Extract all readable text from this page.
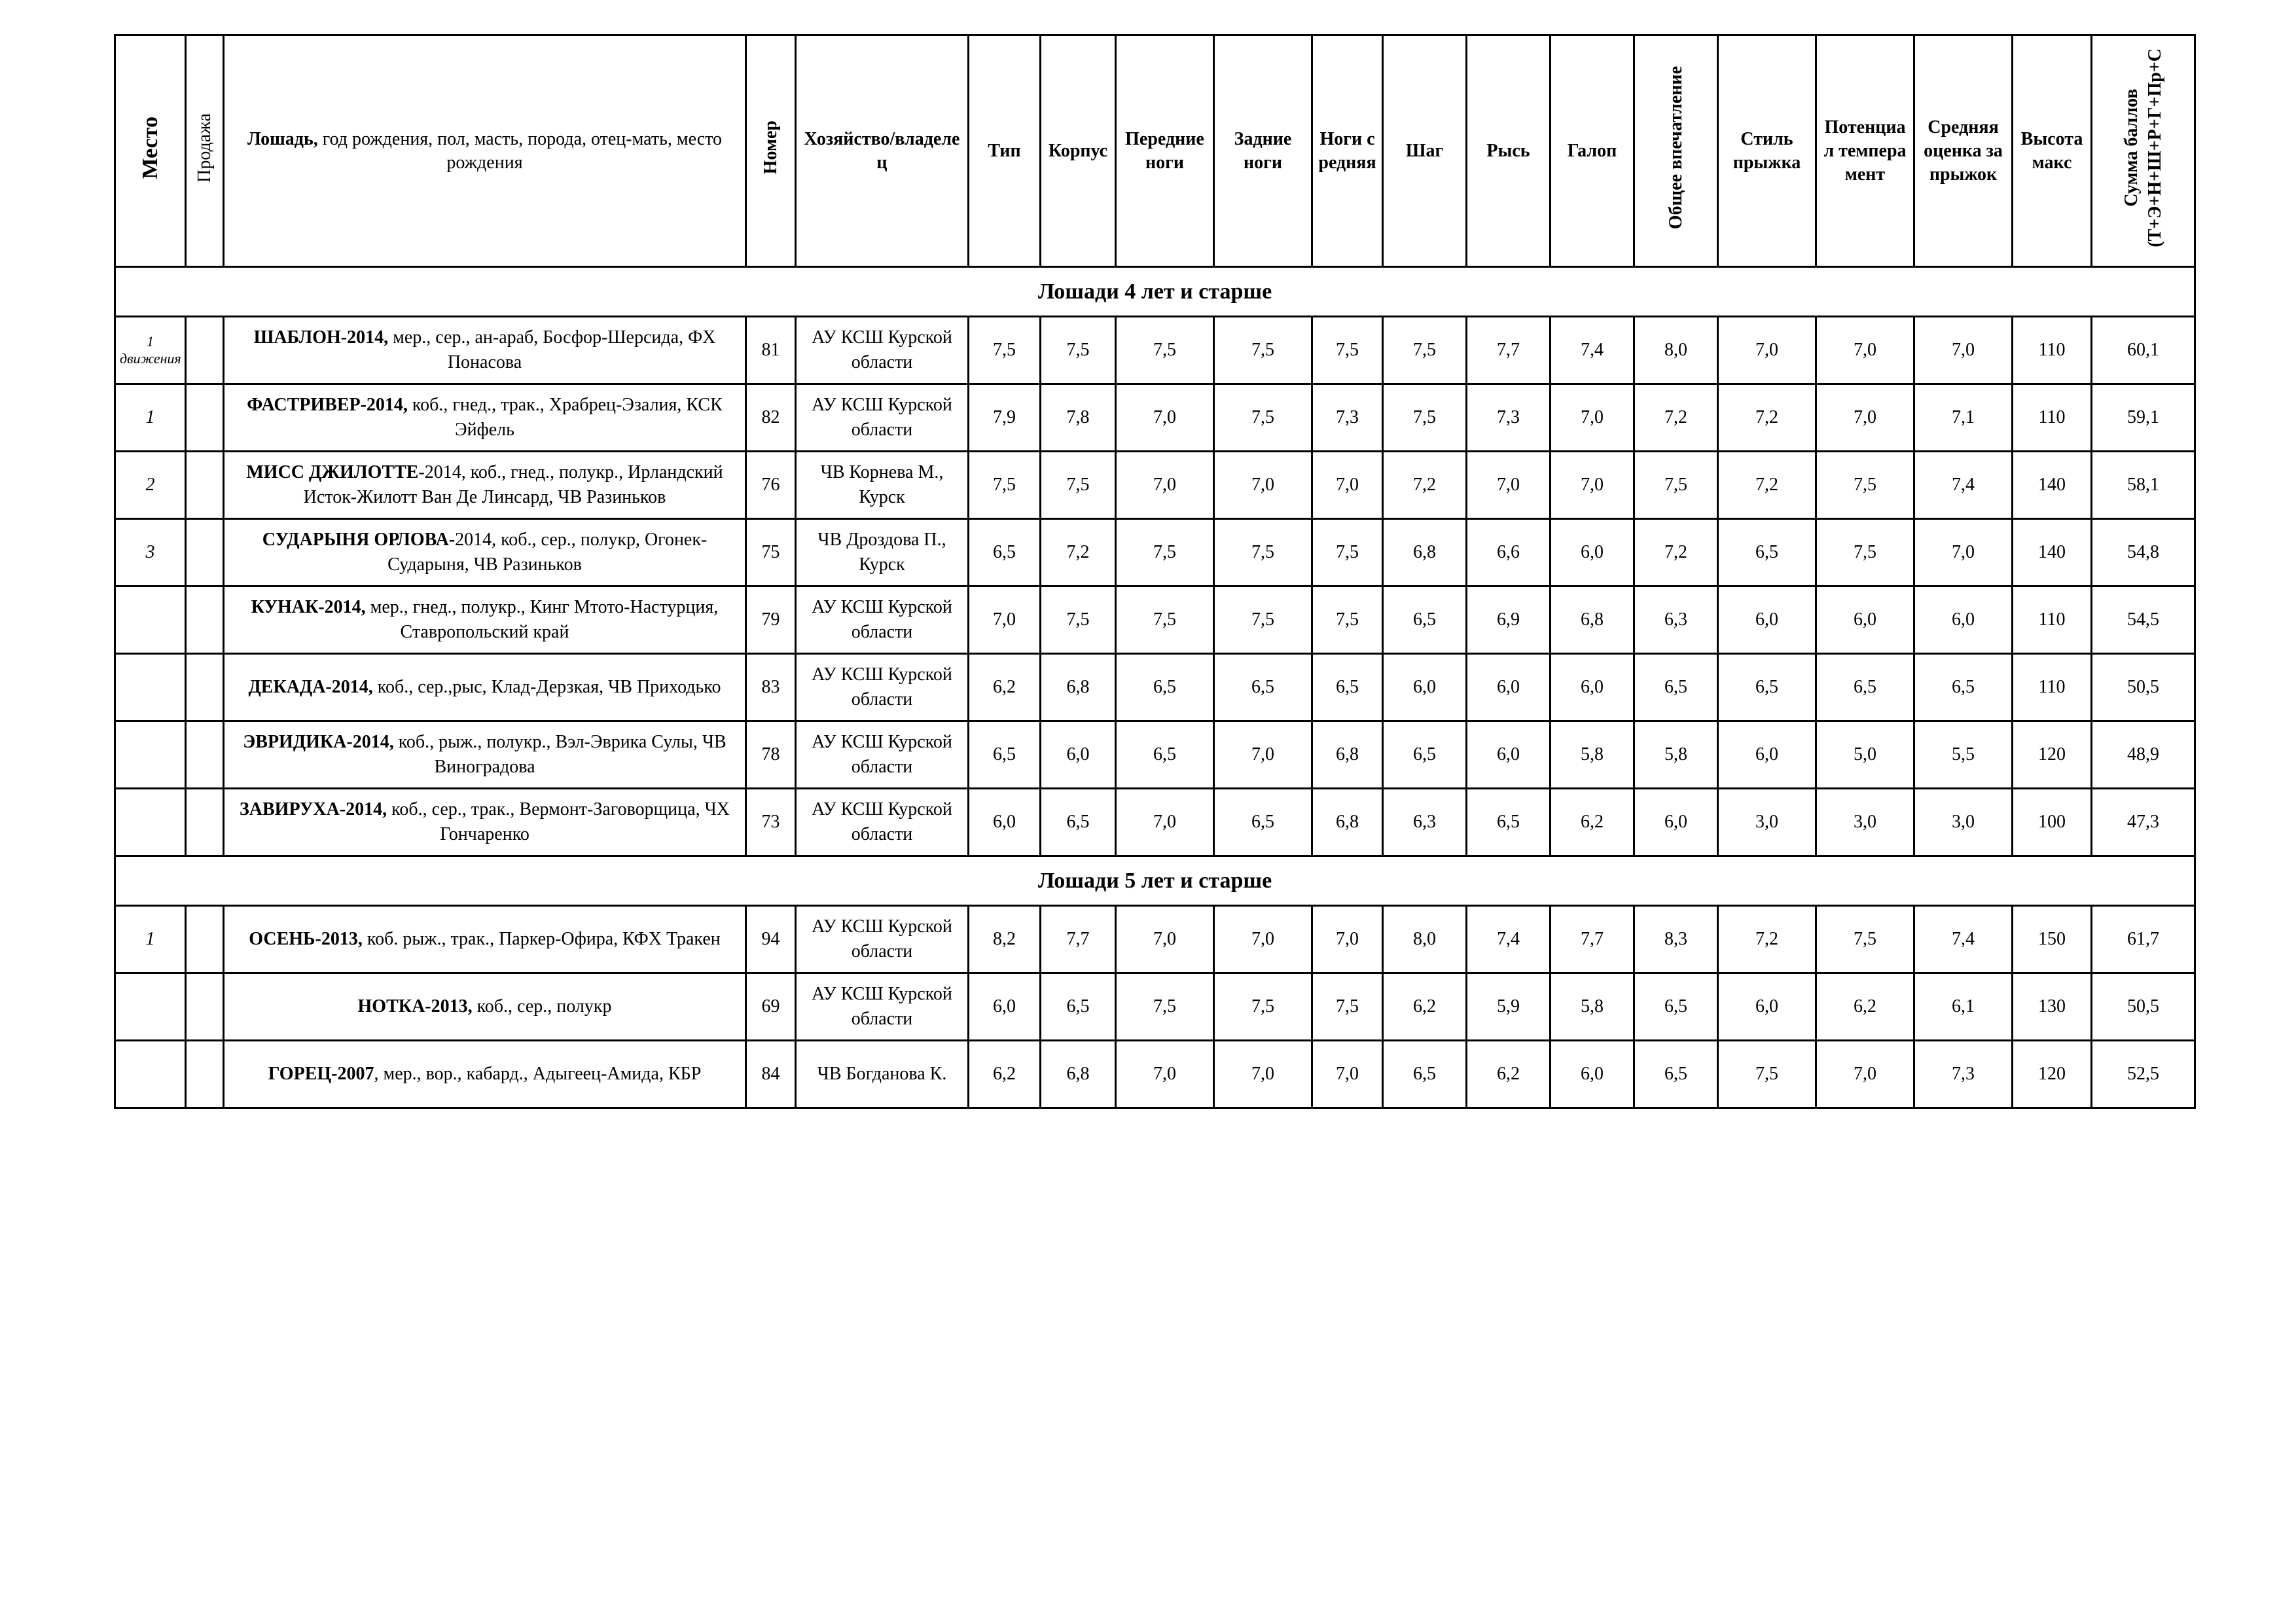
Место	Продажа	Лошадь, год рождения, пол, масть, порода, отец-мать, место рождения	Номер	Хозяйство/владелец	Тип	Корпус	Передние ноги	Задние ноги	Ноги средняя	Шаг	Рысь	Галоп	Общее впечатление	Стиль прыжка	Потенциал темперамент	Средняя оценка за прыжок	Высота макс	Сумма баллов (Т+Э+Н+Ш+Р+Г+Пр+С
Лошади 4 лет и старше																		
1 движения		ШАБЛОН-2014, мер., сер., ан-араб, Босфор-Шерсида, ФХ Понасова	81	АУ КСШ Курской области	7,5	7,5	7,5	7,5	7,5	7,5	7,7	7,4	8,0	7,0	7,0	7,0	110	60,1
1		ФАСТРИВЕР-2014, коб., гнед., трак., Храбрец-Эзалия, КСК Эйфель	82	АУ КСШ Курской области	7,9	7,8	7,0	7,5	7,3	7,5	7,3	7,0	7,2	7,2	7,0	7,1	110	59,1
2		МИСС ДЖИЛОТТЕ-2014, коб., гнед., полукр., Ирландский Исток-Жилотт Ван Де Линсард, ЧВ Разиньков	76	ЧВ Корнева М., Курск	7,5	7,5	7,0	7,0	7,0	7,2	7,0	7,0	7,5	7,2	7,5	7,4	140	58,1
3		СУДАРЫНЯ ОРЛОВА-2014, коб., сер., полукр, Огонек-Сударыня, ЧВ Разиньков	75	ЧВ Дроздова П., Курск	6,5	7,2	7,5	7,5	7,5	6,8	6,6	6,0	7,2	6,5	7,5	7,0	140	54,8
		КУНАК-2014, мер., гнед., полукр., Кинг Мтото-Настурция, Ставропольский край	79	АУ КСШ Курской области	7,0	7,5	7,5	7,5	7,5	6,5	6,9	6,8	6,3	6,0	6,0	6,0	110	54,5
		ДЕКАДА-2014, коб., сер.,рыс, Клад-Дерзкая, ЧВ Приходько	83	АУ КСШ Курской области	6,2	6,8	6,5	6,5	6,5	6,0	6,0	6,0	6,5	6,5	6,5	6,5	110	50,5
		ЭВРИДИКА-2014, коб., рыж., полукр., Вэл-Эврика Сулы, ЧВ Виноградова	78	АУ КСШ Курской области	6,5	6,0	6,5	7,0	6,8	6,5	6,0	5,8	5,8	6,0	5,0	5,5	120	48,9
		ЗАВИРУХА-2014, коб., сер., трак., Вермонт-Заговорщица, ЧХ Гончаренко	73	АУ КСШ Курской области	6,0	6,5	7,0	6,5	6,8	6,3	6,5	6,2	6,0	3,0	3,0	3,0	100	47,3
Лошади 5 лет и старше																		
1		ОСЕНЬ-2013, коб. рыж., трак., Паркер-Офира, КФХ Тракен	94	АУ КСШ Курской области	8,2	7,7	7,0	7,0	7,0	8,0	7,4	7,7	8,3	7,2	7,5	7,4	150	61,7
		НОТКА-2013, коб., сер., полукр	69	АУ КСШ Курской области	6,0	6,5	7,5	7,5	7,5	6,2	5,9	5,8	6,5	6,0	6,2	6,1	130	50,5
		ГОРЕЦ-2007, мер., вор., кабард., Адыгеец-Амида, КБР	84	ЧВ Богданова К.	6,2	6,8	7,0	7,0	7,0	6,5	6,2	6,0	6,5	7,5	7,0	7,3	120	52,5
